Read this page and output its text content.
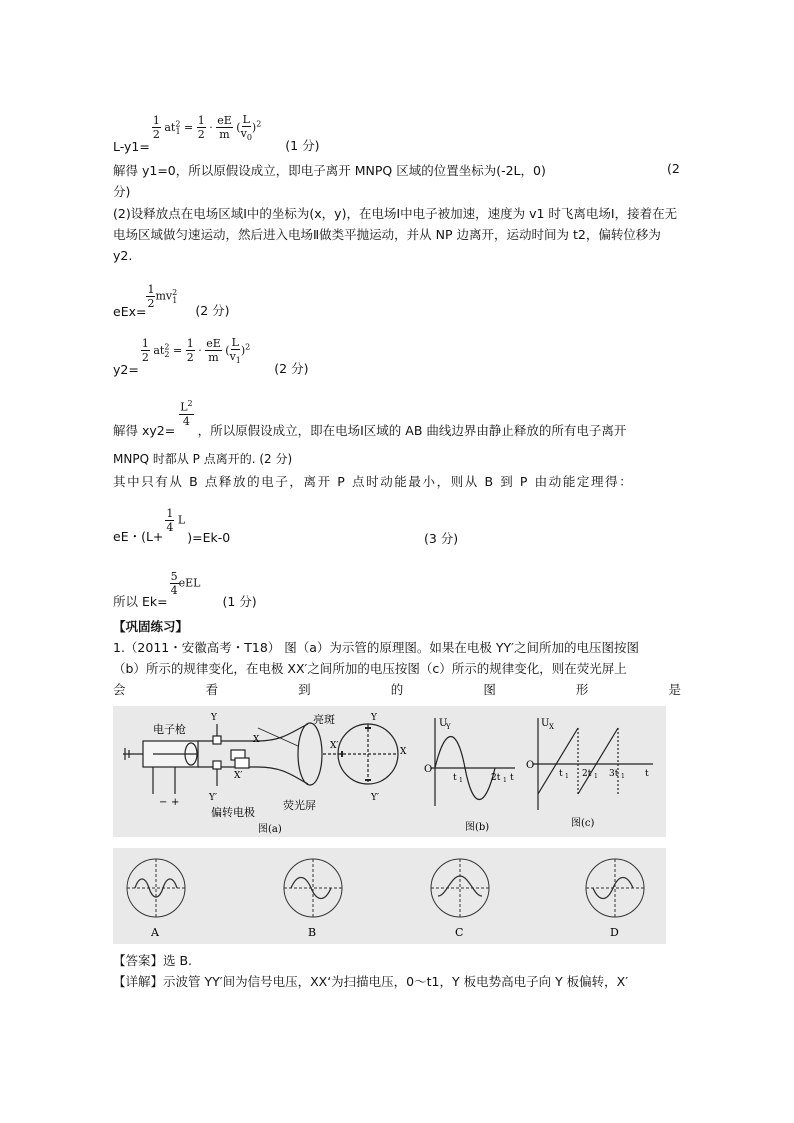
L-y1=
$\frac{1}{2} at^2_1 = \frac{1}{2} \cdot \frac{eE}{m}$ ( $\frac{L}{v_0} )^2$
(1 分)
解得 y1=0，所以原假设成立，即电子离开 MNPQ 区域的位置坐标为(-2L，0)	(2
分)
(2)设释放点在电场区域Ⅰ中的坐标为(x，y)，在电场Ⅰ中电子被加速，速度为 v1 时飞离电场Ⅰ，接着在无电场区域做匀速运动，然后进入电场Ⅱ做类平抛运动，并从 NP 边离开，运动时间为 t2，偏转位移为 y2.
eEx=
$\frac{1}{2} mv^2_1$
(2 分)
y2=
$\frac{1}{2} at^2_2 = \frac{1}{2} \cdot \frac{eE}{m}$ ( $\frac{L}{v_1} )^2$
(2 分)
解得 xy2=
$\frac{L^2}{4}$
，所以原假设成立，即在电场Ⅰ区域的 AB 曲线边界由静止释放的所有电子离开
MNPQ 时都从 P 点离开的. (2 分)
其中只有从 B 点释放的电子，离开 P 点时动能最小，则从 B 到 P 由动能定理得：
eE・(L+
$\frac{1}{4}$ L
)=Ek-0	(3 分)
所以 Ek=
$\frac{5}{4}$ eEL
(1 分)
【巩固练习】
1.（2011・安徽高考・T18） 图（a）为示管的原理图。如果在电极 YY′之间所加的电压图按图
（b）所示的规律变化，在电极 XX′之间所加的电压按图（c）所示的规律变化，则在荧光屏上
会	看	到	的	图	形	是
电子枪
亮斑
偏转电极
荧光屏
图(a)
Y
Y′
X′
X
Y
Y′
X
X′
− +
U
Y
O
t 1	2t 1 t
图(b)
U X
O
t 1 2t 1 3t 1 t
图(c)
A	B	C	D
【答案】选 B.
【详解】示波管 YY′间为信号电压，XX‘为扫描电压，0～t1，Y 板电势高电子向 Y 板偏转，X′
